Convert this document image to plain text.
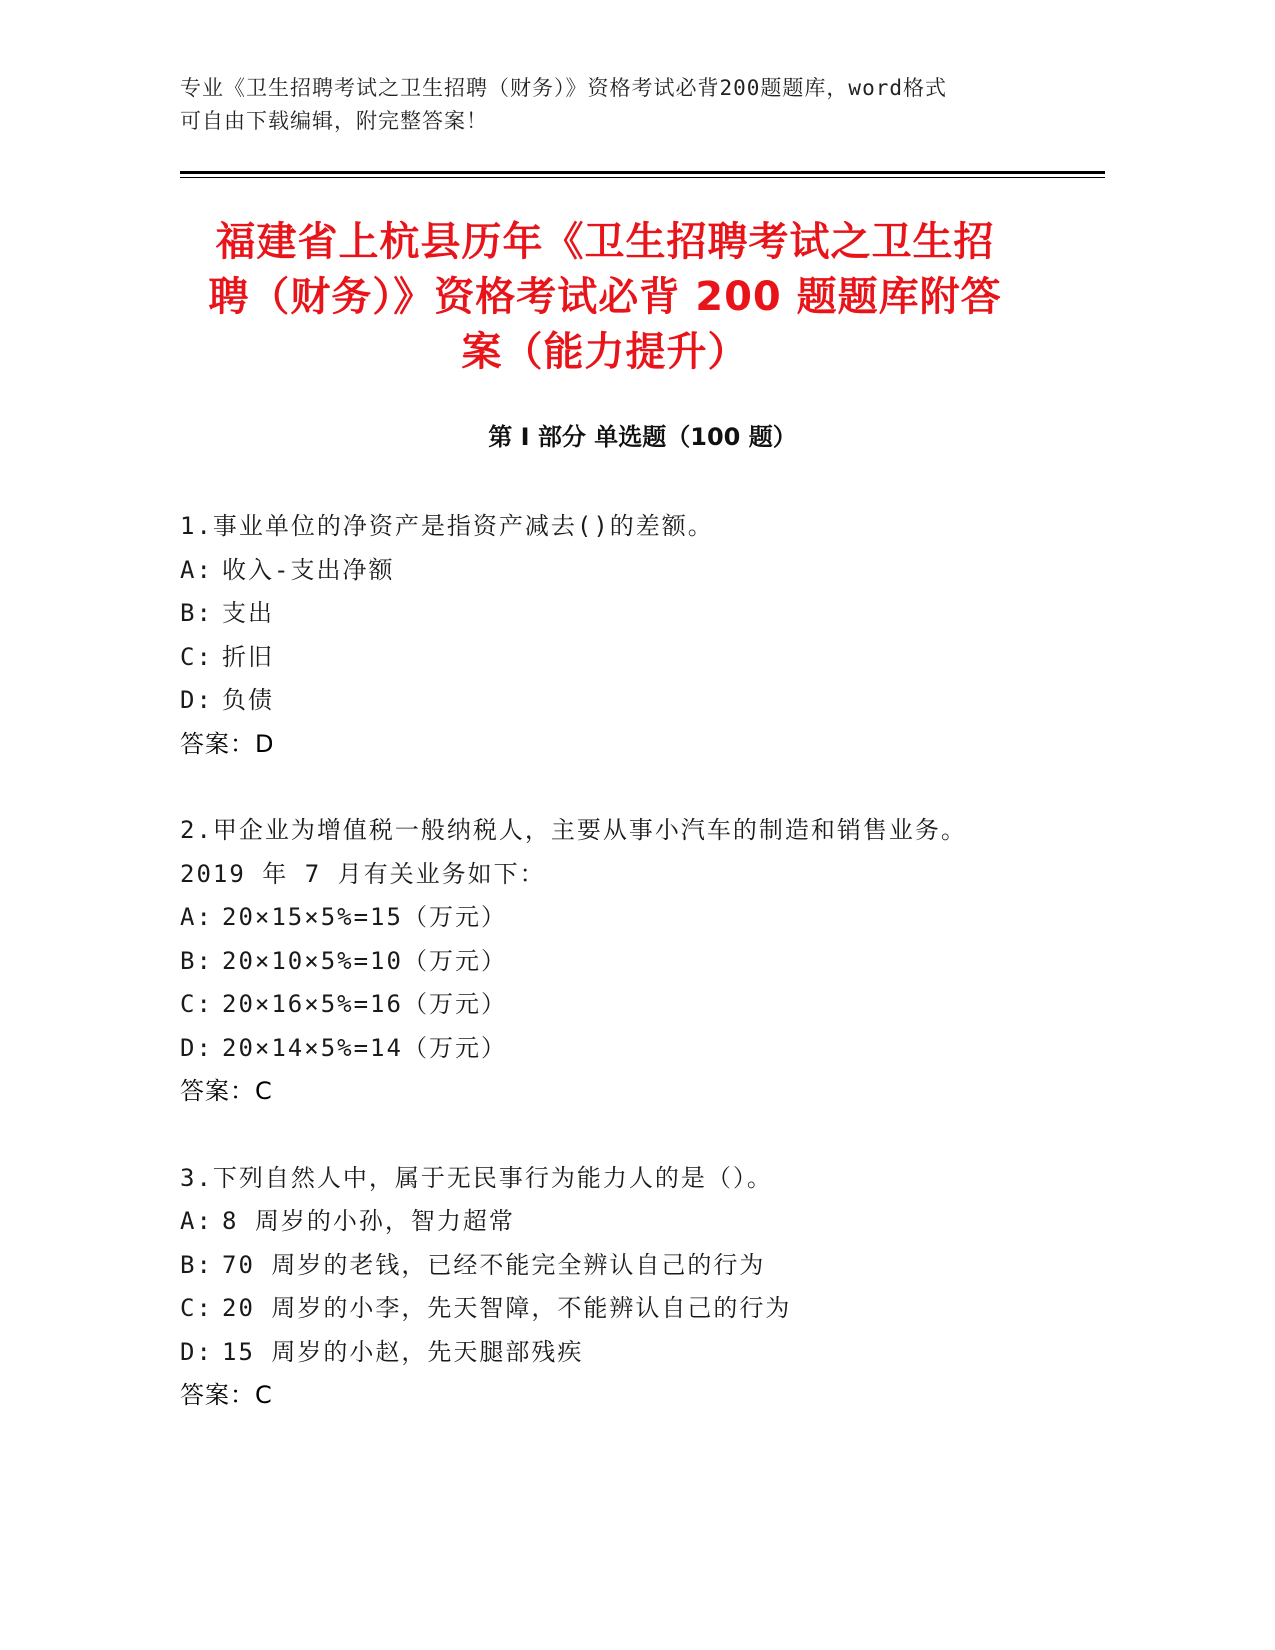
专业《卫生招聘考试之卫生招聘（财务）》资格考试必背200题题库，word格式
可自由下载编辑，附完整答案！
福建省上杭县历年《卫生招聘考试之卫生招
聘（财务）》资格考试必背 200 题题库附答
案（能力提升）
第 I 部分 单选题（100 题）
1.事业单位的净资产是指资产减去()的差额。
A: 收入-支出净额
B: 支出
C: 折旧
D: 负债
答案：D
2.甲企业为增值税一般纳税人，主要从事小汽车的制造和销售业务。
2019 年 7 月有关业务如下：
A: 20×15×5%=15（万元）
B: 20×10×5%=10（万元）
C: 20×16×5%=16（万元）
D: 20×14×5%=14（万元）
答案：C
3.下列自然人中，属于无民事行为能力人的是（）。
A: 8 周岁的小孙，智力超常
B: 70 周岁的老钱，已经不能完全辨认自己的行为
C: 20 周岁的小李，先天智障，不能辨认自己的行为
D: 15 周岁的小赵，先天腿部残疾
答案：C
